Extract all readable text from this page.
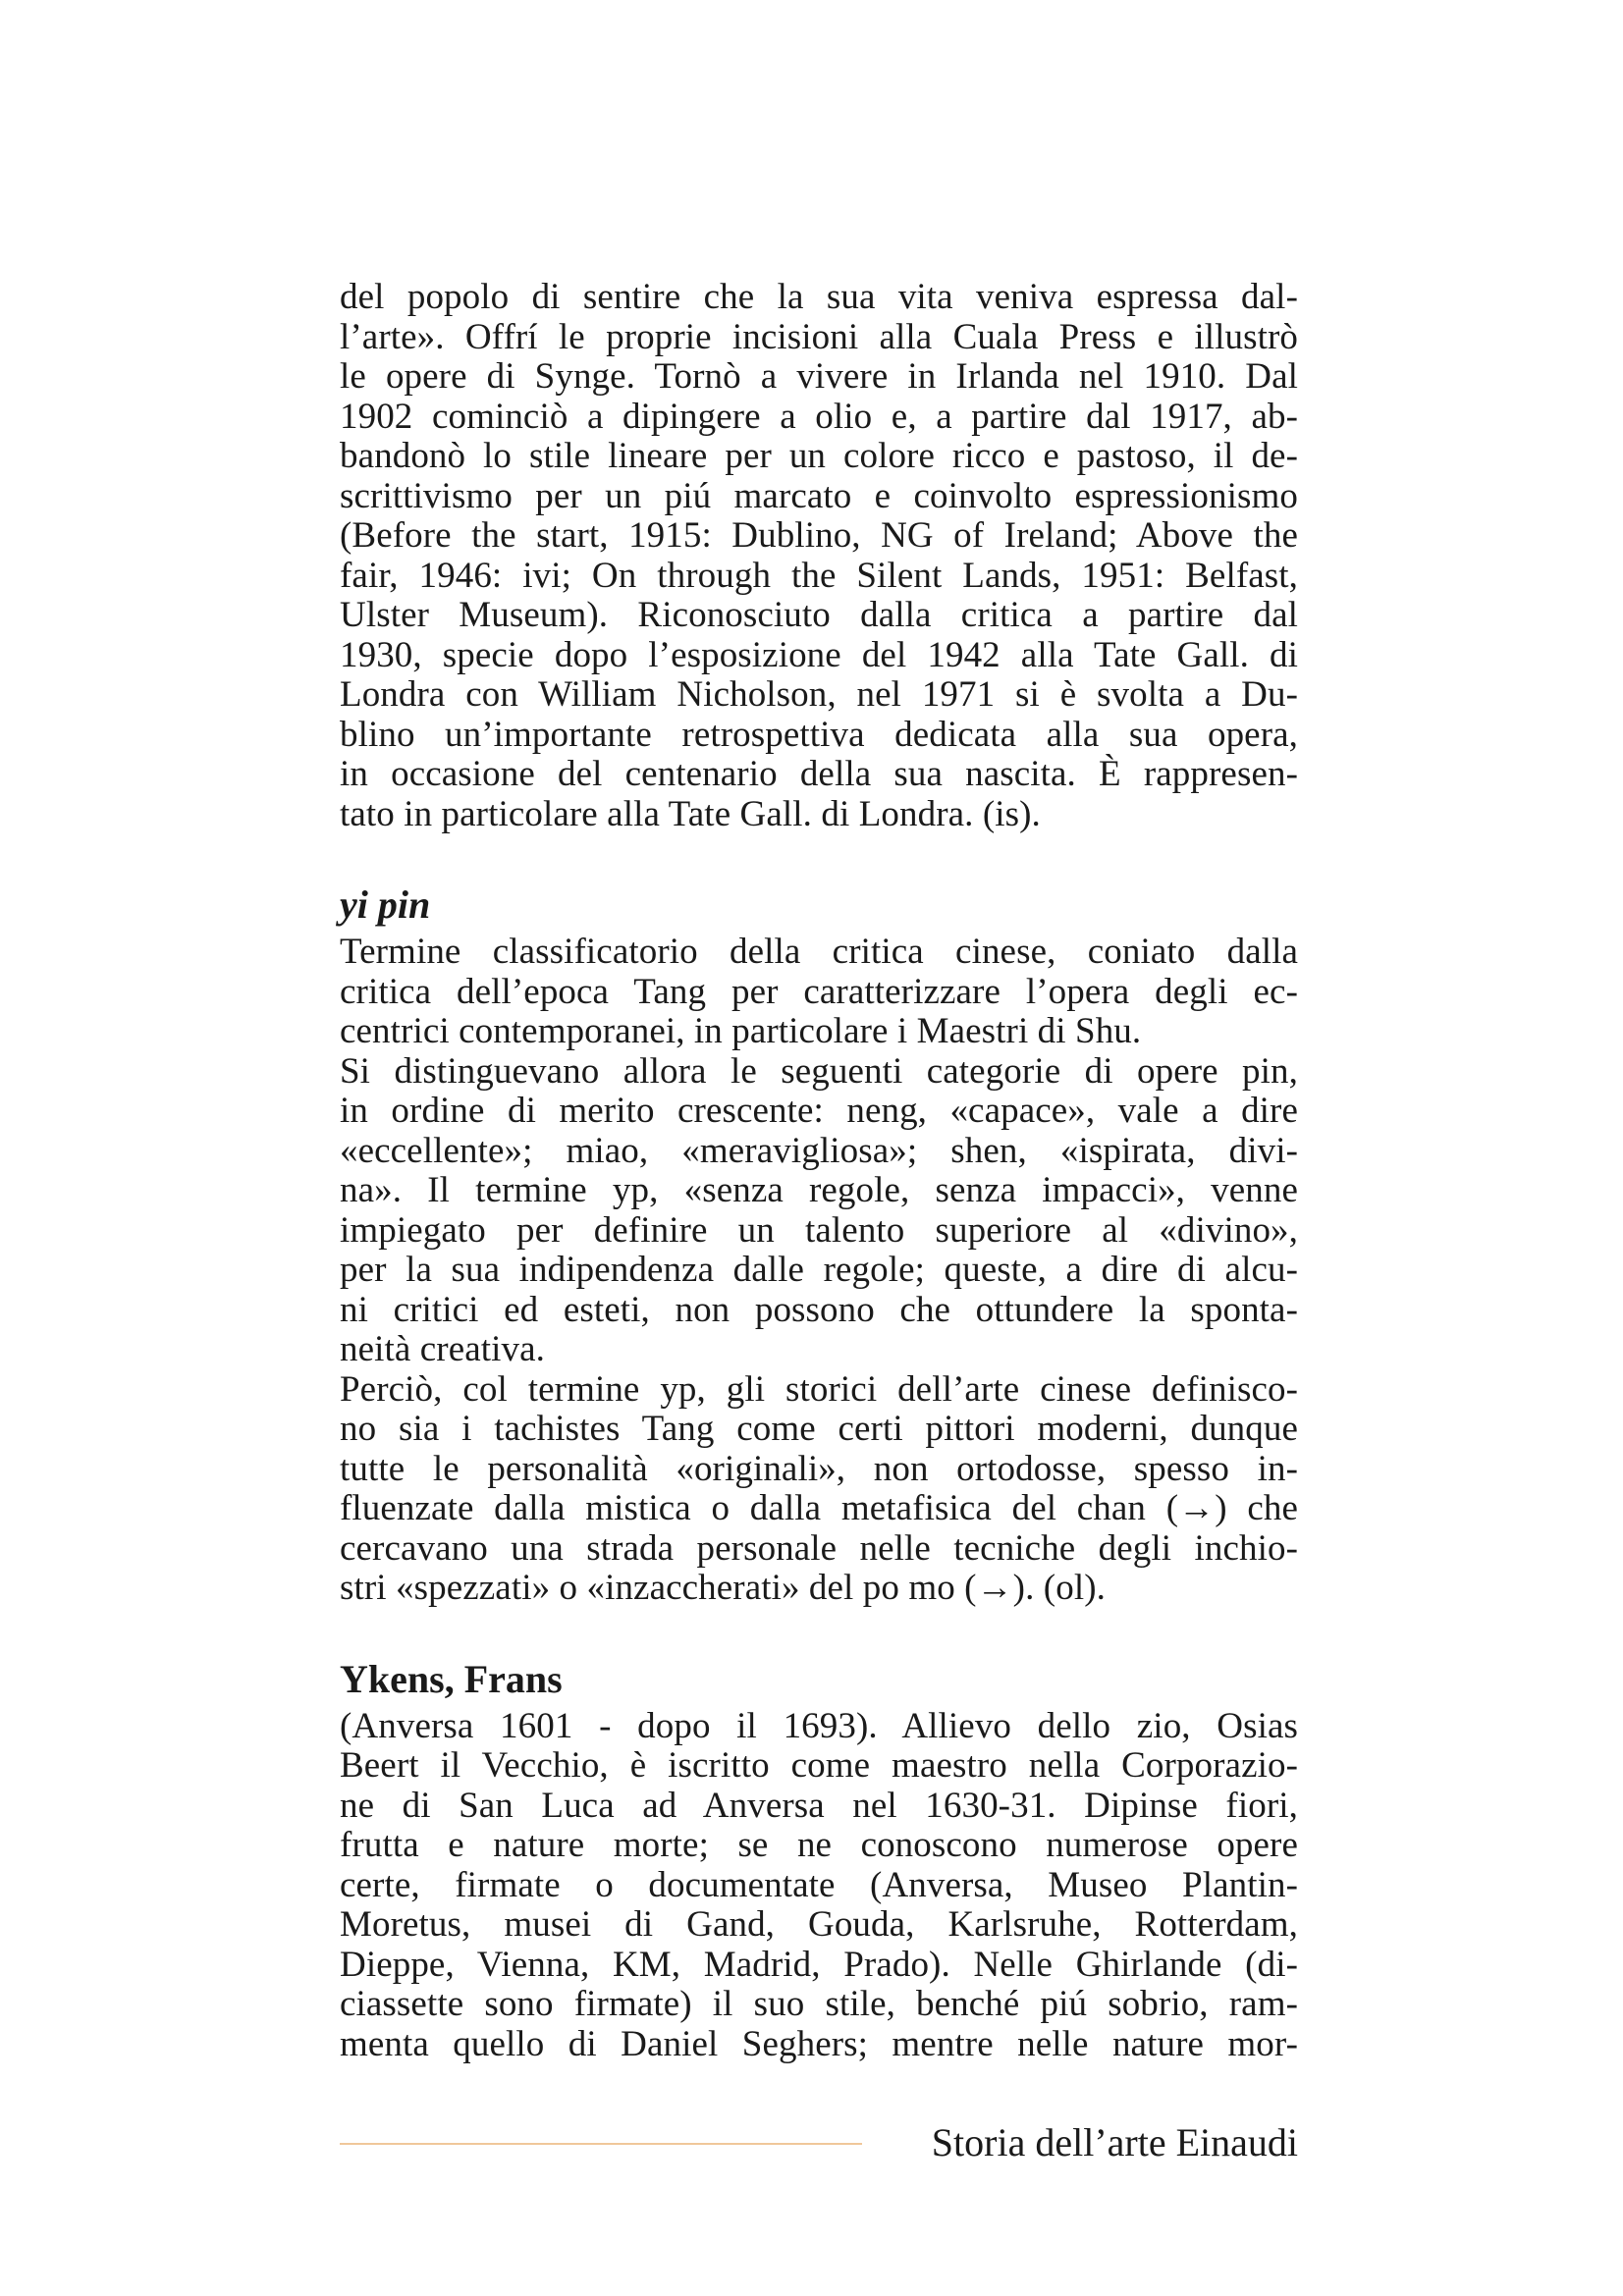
del popolo di sentire che la sua vita veniva espressa dal-
l’arte». Offrí le proprie incisioni alla Cuala Press e illustrò
le opere di Synge. Tornò a vivere in Irlanda nel 1910. Dal
1902 cominciò a dipingere a olio e, a partire dal 1917, ab-
bandonò lo stile lineare per un colore ricco e pastoso, il de-
scrittivismo per un piú marcato e coinvolto espressionismo
(Before the start, 1915: Dublino, NG of Ireland; Above the
fair, 1946: ivi; On through the Silent Lands, 1951: Belfast,
Ulster Museum). Riconosciuto dalla critica a partire dal
1930, specie dopo l’esposizione del 1942 alla Tate Gall. di
Londra con William Nicholson, nel 1971 si è svolta a Du-
blino un’importante retrospettiva dedicata alla sua opera,
in occasione del centenario della sua nascita. È rappresen-
tato in particolare alla Tate Gall. di Londra. (is).
yi pin
Termine classificatorio della critica cinese, coniato dalla
critica dell’epoca Tang per caratterizzare l’opera degli ec-
centrici contemporanei, in particolare i Maestri di Shu.
Si distinguevano allora le seguenti categorie di opere pin,
in ordine di merito crescente: neng, «capace», vale a dire
«eccellente»; miao, «meravigliosa»; shen, «ispirata, divi-
na». Il termine yp, «senza regole, senza impacci», venne
impiegato per definire un talento superiore al «divino»,
per la sua indipendenza dalle regole; queste, a dire di alcu-
ni critici ed esteti, non possono che ottundere la sponta-
neità creativa.
Perciò, col termine yp, gli storici dell’arte cinese definisco-
no sia i tachistes Tang come certi pittori moderni, dunque
tutte le personalità «originali», non ortodosse, spesso in-
fluenzate dalla mistica o dalla metafisica del chan (→) che
cercavano una strada personale nelle tecniche degli inchio-
stri «spezzati» o «inzaccherati» del po mo (→). (ol).
Ykens, Frans
(Anversa 1601 - dopo il 1693). Allievo dello zio, Osias
Beert il Vecchio, è iscritto come maestro nella Corporazio-
ne di San Luca ad Anversa nel 1630-31. Dipinse fiori,
frutta e nature morte; se ne conoscono numerose opere
certe, firmate o documentate (Anversa, Museo Plantin-
Moretus, musei di Gand, Gouda, Karlsruhe, Rotterdam,
Dieppe, Vienna, KM, Madrid, Prado). Nelle Ghirlande (di-
ciassette sono firmate) il suo stile, benché piú sobrio, ram-
menta quello di Daniel Seghers; mentre nelle nature mor-
Storia dell’arte Einaudi
